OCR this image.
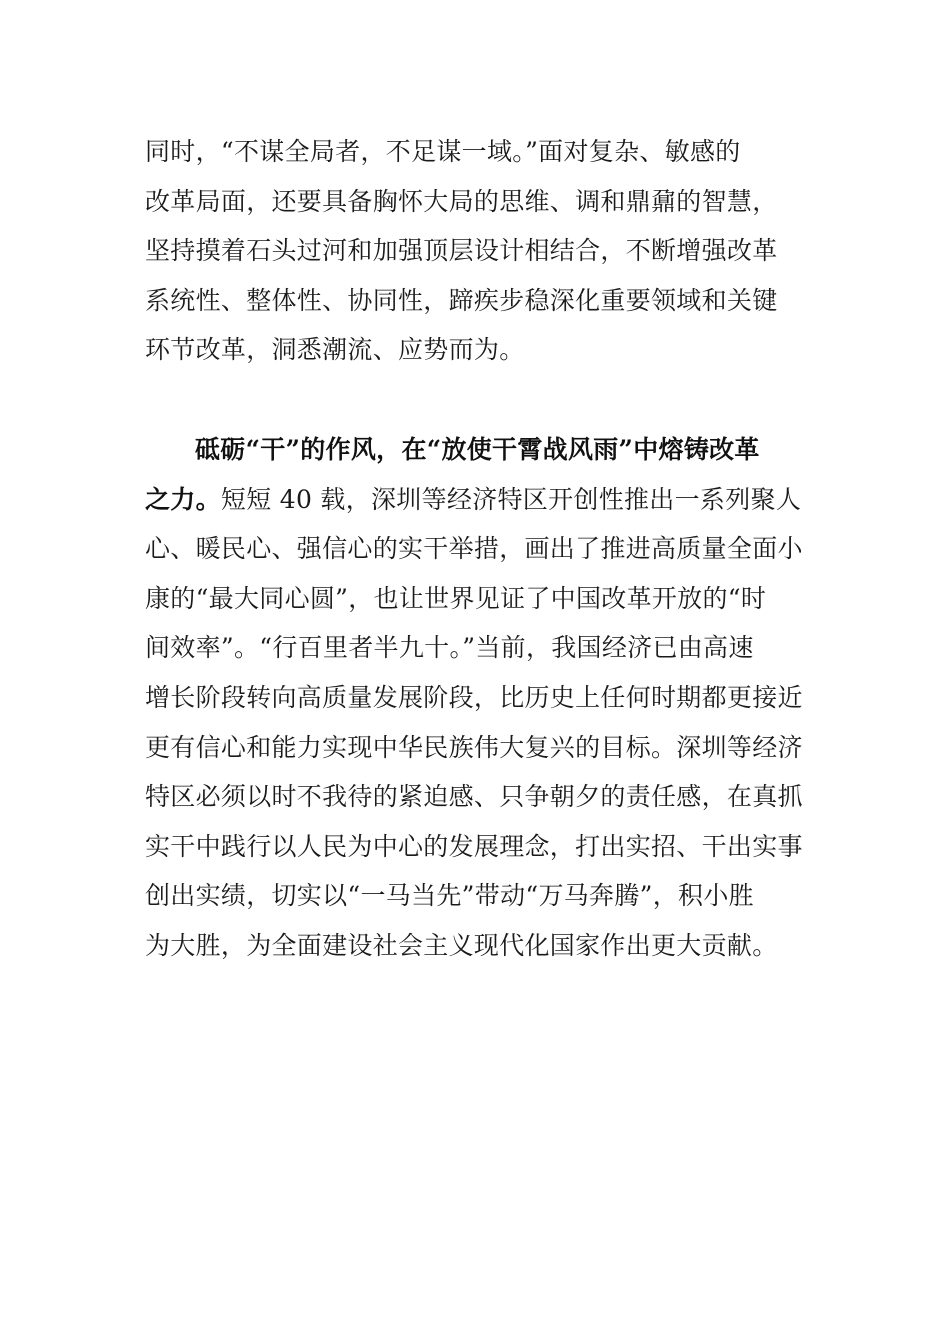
同时，“不谋全局者，不足谋一域。”面对复杂、敏感的
改革局面，还要具备胸怀大局的思维、调和鼎鼐的智慧，
坚持摸着石头过河和加强顶层设计相结合，不断增强改革
系统性、整体性、协同性，蹄疾步稳深化重要领域和关键
环节改革，洞悉潮流、应势而为。
砥砺“干”的作风，在“放使干霄战风雨”中熔铸改革
之力。短短 40 载，深圳等经济特区开创性推出一系列聚人
心、暖民心、强信心的实干举措，画出了推进高质量全面小
康的“最大同心圆”，也让世界见证了中国改革开放的“时
间效率”。“行百里者半九十。”当前，我国经济已由高速
增长阶段转向高质量发展阶段，比历史上任何时期都更接近
更有信心和能力实现中华民族伟大复兴的目标。深圳等经济
特区必须以时不我待的紧迫感、只争朝夕的责任感，在真抓
实干中践行以人民为中心的发展理念，打出实招、干出实事
创出实绩，切实以“一马当先”带动“万马奔腾”，积小胜
为大胜，为全面建设社会主义现代化国家作出更大贡献。
